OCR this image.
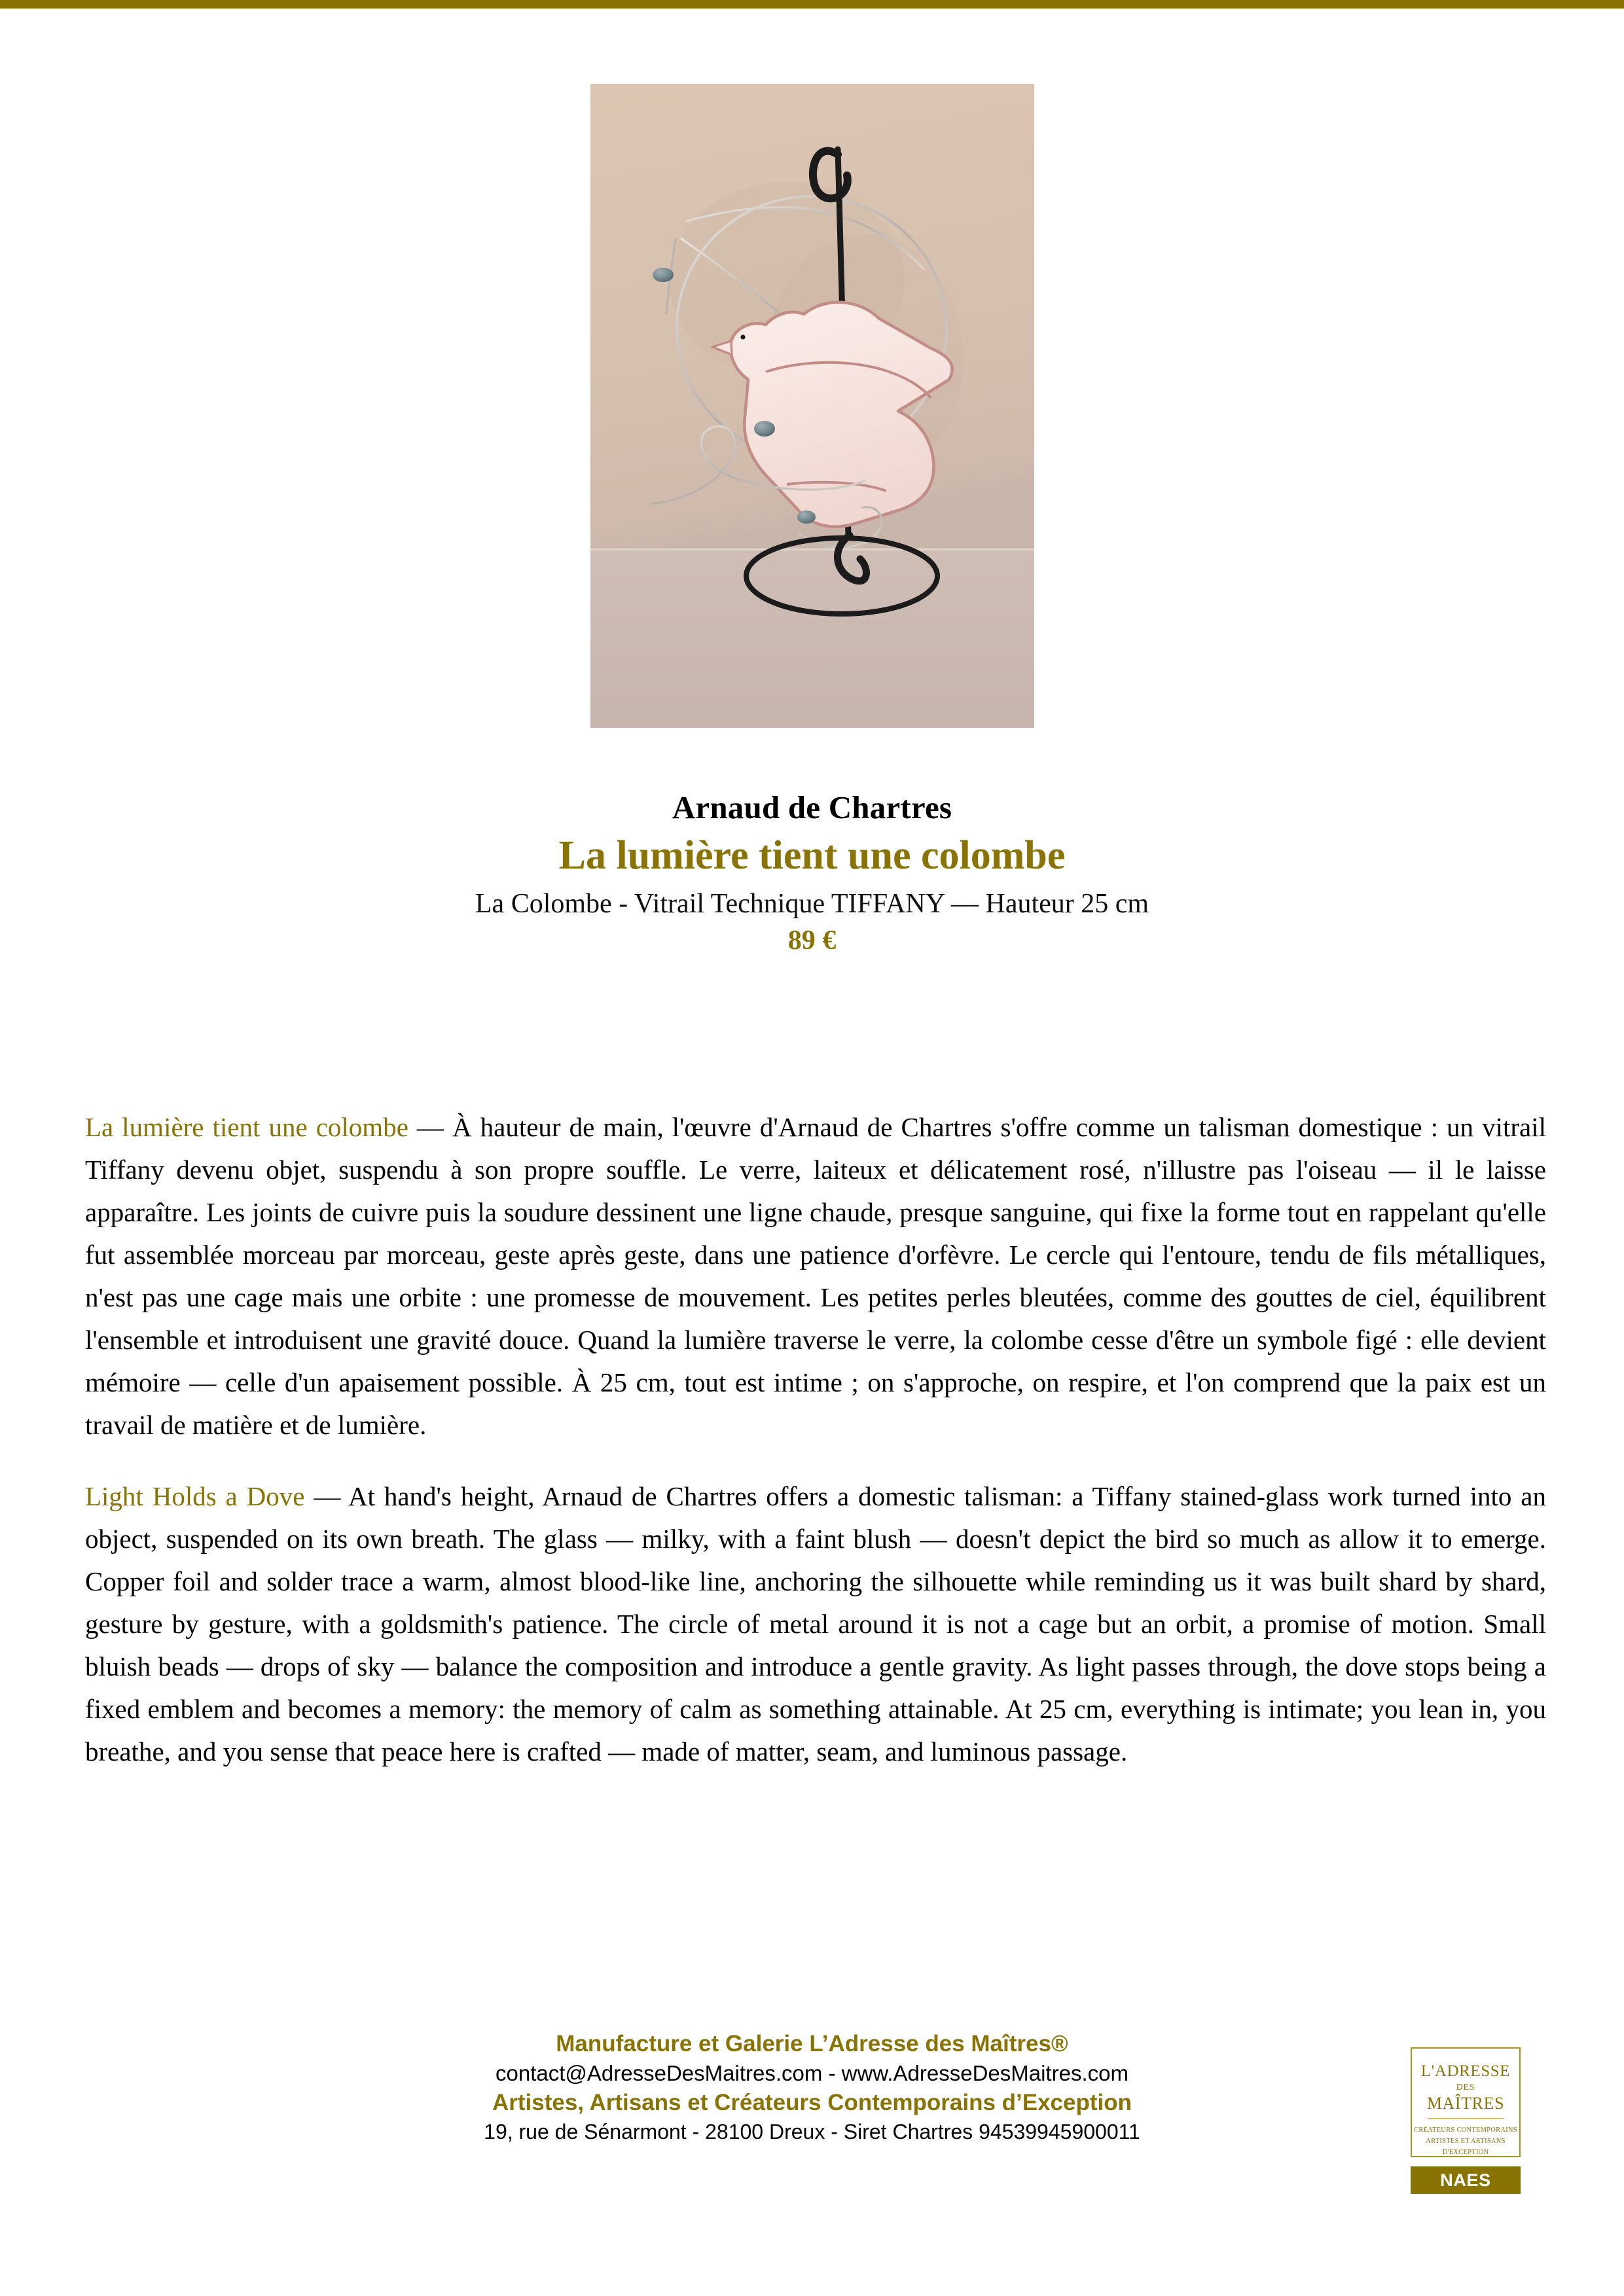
Arnaud de Chartres
La lumière tient une colombe
La Colombe - Vitrail Technique TIFFANY — Hauteur 25 cm
89 €

La lumière tient une colombe — À hauteur de main, l'œuvre d'Arnaud de Chartres s'offre comme un talisman domestique : un vitrail Tiffany devenu objet, suspendu à son propre souffle. Le verre, laiteux et délicatement rosé, n'illustre pas l'oiseau — il le laisse apparaître. Les joints de cuivre puis la soudure dessinent une ligne chaude, presque sanguine, qui fixe la forme tout en rappelant qu'elle fut assemblée morceau par morceau, geste après geste, dans une patience d'orfèvre. Le cercle qui l'entoure, tendu de fils métalliques, n'est pas une cage mais une orbite : une promesse de mouvement. Les petites perles bleutées, comme des gouttes de ciel, équilibrent l'ensemble et introduisent une gravité douce. Quand la lumière traverse le verre, la colombe cesse d'être un symbole figé : elle devient mémoire — celle d'un apaisement possible. À 25 cm, tout est intime ; on s'approche, on respire, et l'on comprend que la paix est un travail de matière et de lumière.

Light Holds a Dove — At hand's height, Arnaud de Chartres offers a domestic talisman: a Tiffany stained-glass work turned into an object, suspended on its own breath. The glass — milky, with a faint blush — doesn't depict the bird so much as allow it to emerge. Copper foil and solder trace a warm, almost blood-like line, anchoring the silhouette while reminding us it was built shard by shard, gesture by gesture, with a goldsmith's patience. The circle of metal around it is not a cage but an orbit, a promise of motion. Small bluish beads — drops of sky — balance the composition and introduce a gentle gravity. As light passes through, the dove stops being a fixed emblem and becomes a memory: the memory of calm as something attainable. At 25 cm, everything is intimate; you lean in, you breathe, and you sense that peace here is crafted — made of matter, seam, and luminous passage.

Manufacture et Galerie L’Adresse des Maîtres®
contact@AdresseDesMaitres.com - www.AdresseDesMaitres.com
Artistes, Artisans et Créateurs Contemporains d’Exception
19, rue de Sénarmont - 28100 Dreux - Siret Chartres 94539945900011
L'ADRESSE
DES
MAÎTRES
CRÉATEURS CONTEMPORAINS
ARTISTES ET ARTISANS
D'EXCEPTION
NAES
